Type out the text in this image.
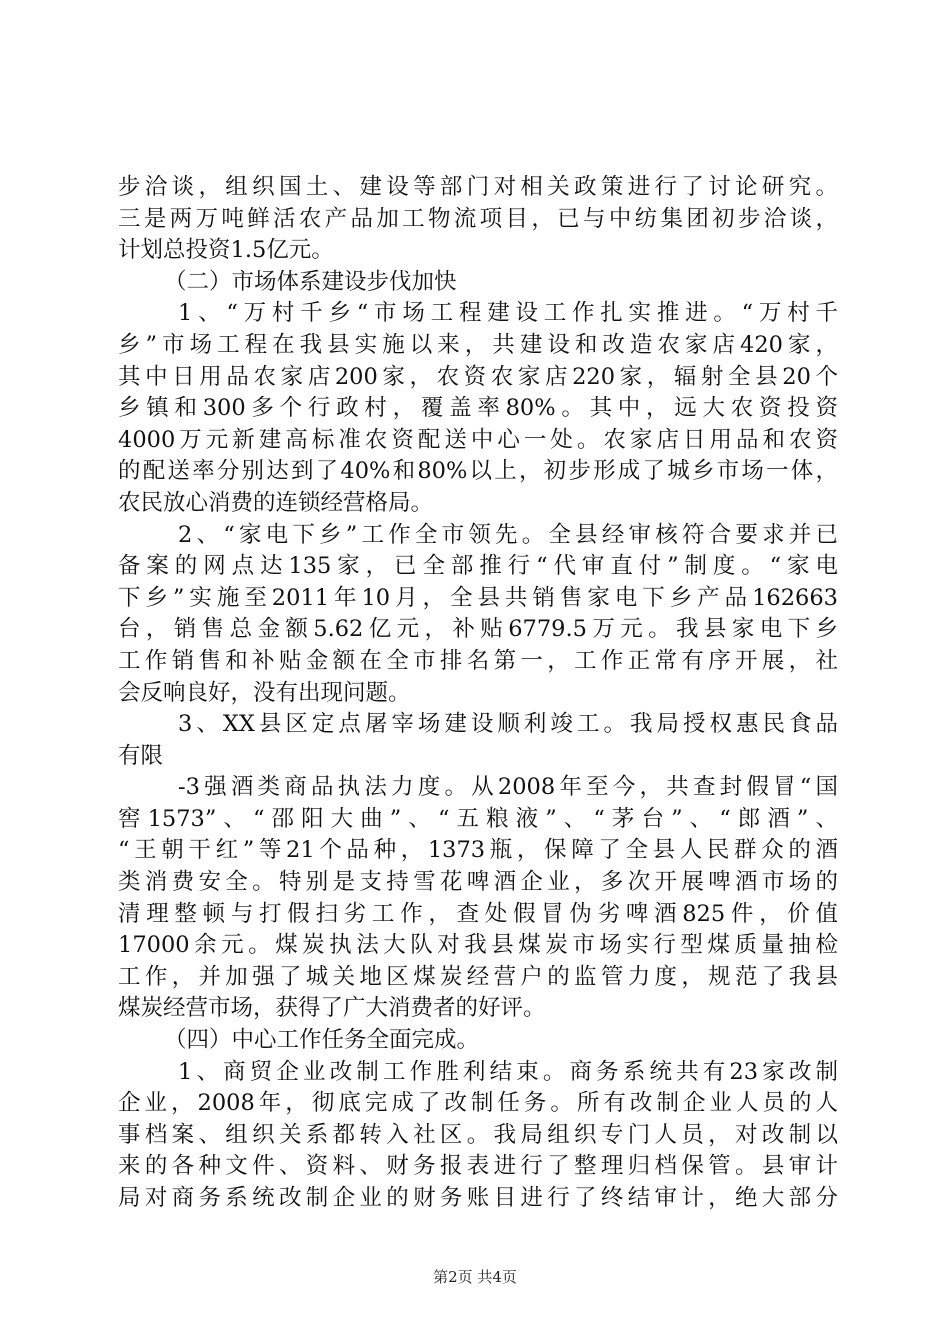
步洽谈，组织国土、建设等部门对相关政策进行了讨论研究。
三是两万吨鲜活农产品加工物流项目，已与中纺集团初步洽谈，
计划总投资1.5亿元。
（二）市场体系建设步伐加快
1、“万村千乡“市场工程建设工作扎实推进。“万村千
乡”市场工程在我县实施以来，共建设和改造农家店420家，
其中日用品农家店200家，农资农家店220家，辐射全县20个
乡镇和300多个行政村，覆盖率80%。其中，远大农资投资
4000万元新建高标准农资配送中心一处。农家店日用品和农资
的配送率分别达到了40%和80%以上，初步形成了城乡市场一体，
农民放心消费的连锁经营格局。
2、“家电下乡”工作全市领先。全县经审核符合要求并已
备案的网点达135家，已全部推行“代审直付”制度。“家电
下乡”实施至2011年10月，全县共销售家电下乡产品162663
台，销售总金额5.62亿元，补贴6779.5万元。我县家电下乡
工作销售和补贴金额在全市排名第一，工作正常有序开展，社
会反响良好，没有出现问题。
3、XX县区定点屠宰场建设顺利竣工。我局授权惠民食品
有限
-3强酒类商品执法力度。从2008年至今，共查封假冒“国
窖1573”、“邵阳大曲”、“五粮液”、“茅台”、“郎酒”、
“王朝干红”等21个品种，1373瓶，保障了全县人民群众的酒
类消费安全。特别是支持雪花啤酒企业，多次开展啤酒市场的
清理整顿与打假扫劣工作，查处假冒伪劣啤酒825件，价值
17000余元。煤炭执法大队对我县煤炭市场实行型煤质量抽检
工作，并加强了城关地区煤炭经营户的监管力度，规范了我县
煤炭经营市场，获得了广大消费者的好评。
（四）中心工作任务全面完成。
1、商贸企业改制工作胜利结束。商务系统共有23家改制
企业，2008年，彻底完成了改制任务。所有改制企业人员的人
事档案、组织关系都转入社区。我局组织专门人员，对改制以
来的各种文件、资料、财务报表进行了整理归档保管。县审计
局对商务系统改制企业的财务账目进行了终结审计，绝大部分
第2页 共4页
